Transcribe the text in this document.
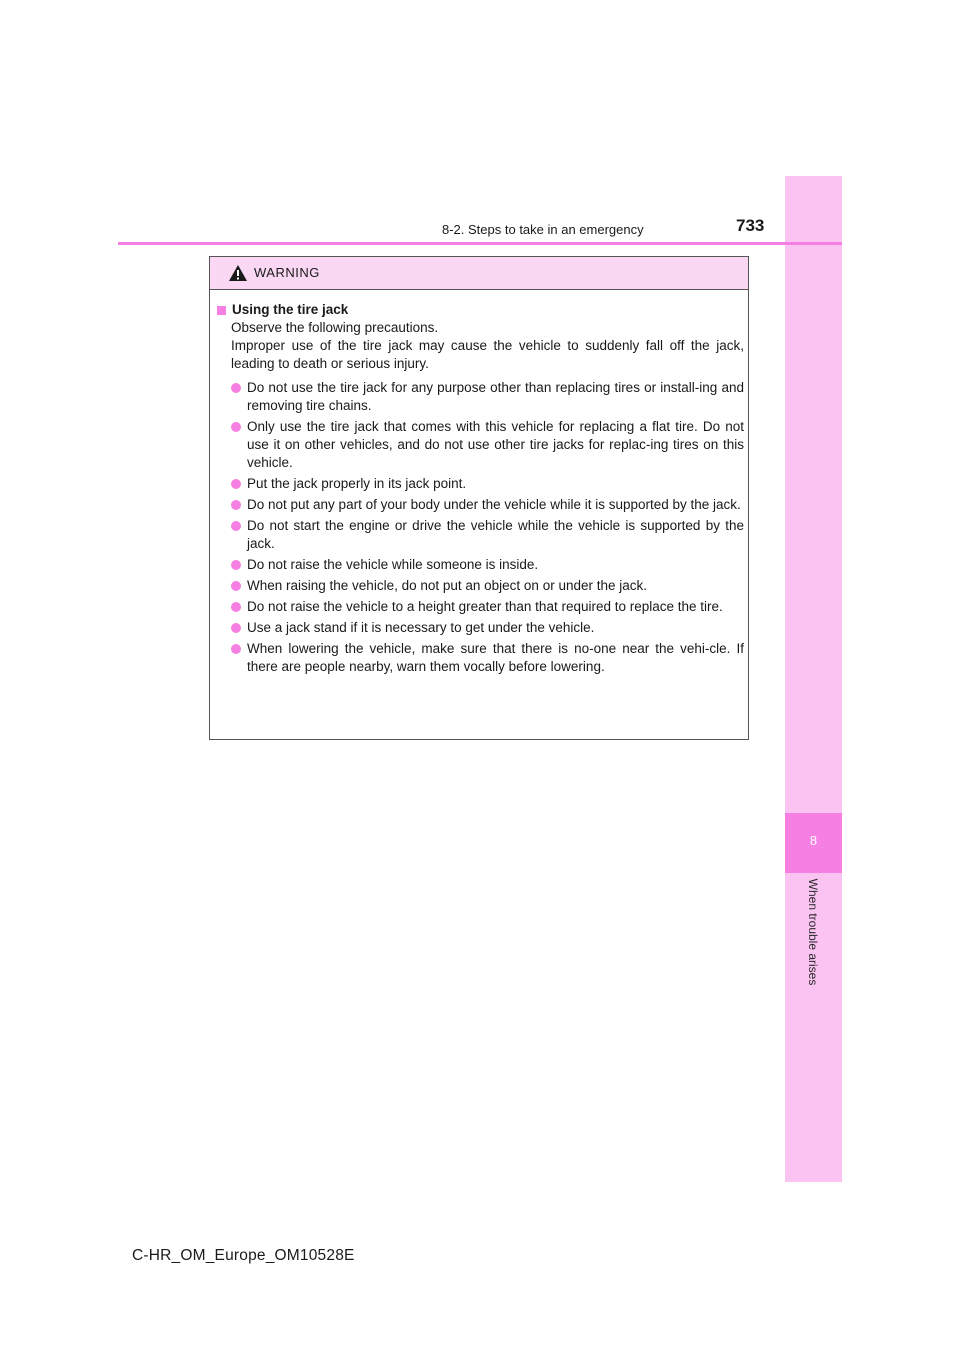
8
When trouble arises
8-2. Steps to take in an emergency	733
WARNING
Using the tire jack
Observe the following precautions.
Improper use of the tire jack may cause the vehicle to suddenly fall off the jack, leading to death or serious injury.
Do not use the tire jack for any purpose other than replacing tires or install-ing and removing tire chains.
Only use the tire jack that comes with this vehicle for replacing a flat tire. Do not use it on other vehicles, and do not use other tire jacks for replac-ing tires on this vehicle.
Put the jack properly in its jack point.
Do not put any part of your body under the vehicle while it is supported by the jack.
Do not start the engine or drive the vehicle while the vehicle is supported by the jack.
Do not raise the vehicle while someone is inside.
When raising the vehicle, do not put an object on or under the jack.
Do not raise the vehicle to a height greater than that required to replace the tire.
Use a jack stand if it is necessary to get under the vehicle.
When lowering the vehicle, make sure that there is no-one near the vehi-cle. If there are people nearby, warn them vocally before lowering.
C-HR_OM_Europe_OM10528E
